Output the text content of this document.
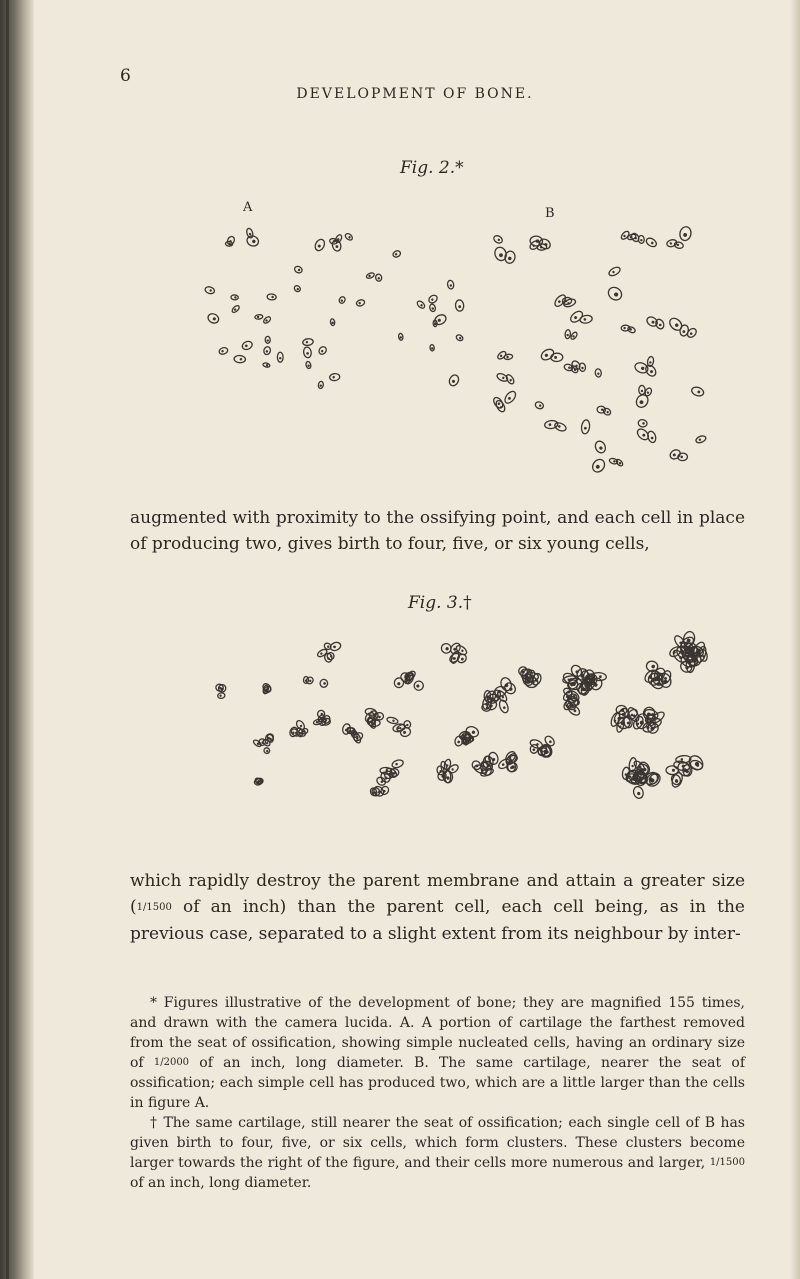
6
DEVELOPMENT OF BONE.
Fig. 2.*
A	B
augmented with proximity to the ossifying point, and each cell in place of producing two, gives birth to four, five, or six young cells,
Fig. 3.†
which rapidly destroy the parent membrane and attain a greater size (1/1500 of an inch) than the parent cell, each cell being, as in the previous case, separated to a slight extent from its neighbour by inter-

* Figures illustrative of the development of bone; they are magnified 155 times, and drawn with the camera lucida. A. A portion of cartilage the farthest removed from the seat of ossification, showing simple nucleated cells, having an ordinary size of 1/2000 of an inch, long diameter. B. The same cartilage, nearer the seat of ossification; each simple cell has produced two, which are a little larger than the cells in figure A.

† The same cartilage, still nearer the seat of ossification; each single cell of B has given birth to four, five, or six cells, which form clusters. These clusters become larger towards the right of the figure, and their cells more numerous and larger, 1/1500 of an inch, long diameter.
